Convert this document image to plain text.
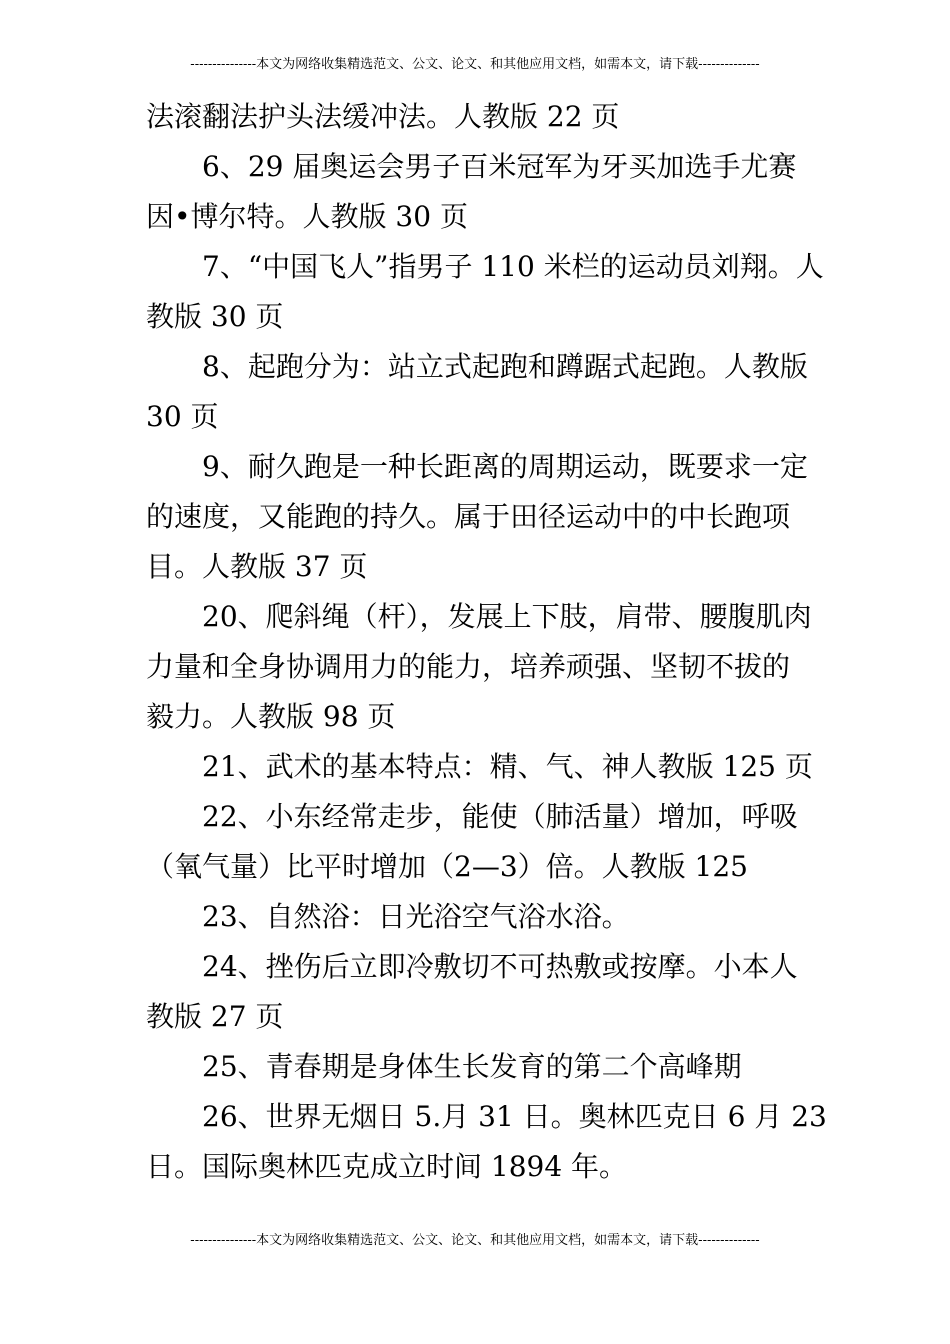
---------------本文为网络收集精选范文、公文、论文、和其他应用文档，如需本文，请下载--------------
法滚翻法护头法缓冲法。人教版 22 页
6、29 届奥运会男子百米冠军为牙买加选手尤赛
因•博尔特。人教版 30 页
7、“中国飞人”指男子 110 米栏的运动员刘翔。人
教版 30 页
8、起跑分为：站立式起跑和蹲踞式起跑。人教版
30 页
9、耐久跑是一种长距离的周期运动，既要求一定
的速度，又能跑的持久。属于田径运动中的中长跑项
目。人教版 37 页
20、爬斜绳（杆），发展上下肢，肩带、腰腹肌肉
力量和全身协调用力的能力，培养顽强、坚韧不拔的
毅力。人教版 98 页
21、武术的基本特点：精、气、神人教版 125 页
22、小东经常走步，能使（肺活量）增加，呼吸
（氧气量）比平时增加（2—3）倍。人教版 125
23、自然浴：日光浴空气浴水浴。
24、挫伤后立即冷敷切不可热敷或按摩。小本人
教版 27 页
25、青春期是身体生长发育的第二个高峰期
26、世界无烟日 5.月 31 日。奥林匹克日 6 月 23
日。国际奥林匹克成立时间 1894 年。
---------------本文为网络收集精选范文、公文、论文、和其他应用文档，如需本文，请下载--------------
